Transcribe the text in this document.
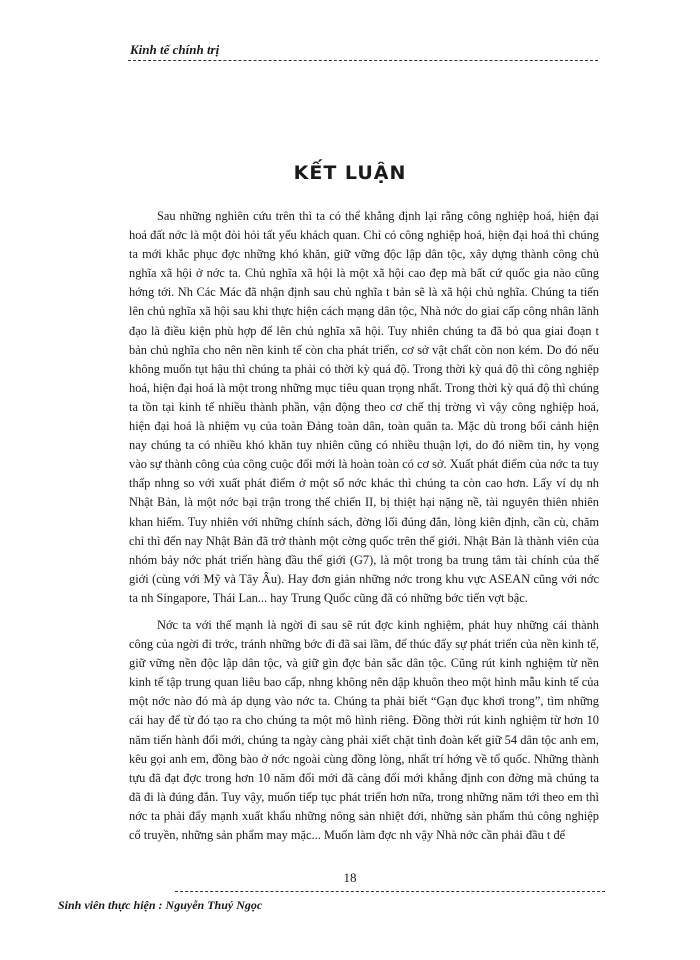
Kinh tế chính trị
KẾT LUẬN

Sau những nghiên cứu trên thì ta có thể khẳng định lại rằng công nghiệp hoá, hiện đại hoá đất nớc là một đòi hỏi tất yếu khách quan. Chỉ có công nghiệp hoá, hiện đại hoá thì chúng ta mới khắc phục đợc những khó khăn, giữ vững độc lập dân tộc, xây dựng thành công chủ nghĩa xã hội ở nớc ta. Chủ nghĩa xã hội là một xã hội cao đẹp mà bất cứ quốc gia nào cũng hớng tới. Nh Các Mác đã nhận định sau chủ nghĩa t bản sẽ là xã hội chủ nghĩa. Chúng ta tiến lên chủ nghĩa xã hội sau khi thực hiện cách mạng dân tộc, Nhà nớc do giai cấp công nhân lãnh đạo là điều kiện phù hợp để lên chủ nghĩa xã hội. Tuy nhiên chúng ta đã bỏ qua giai đoạn t bản chủ nghĩa cho nên nền kinh tế còn cha phát triển, cơ sở vật chất còn non kém. Do đó nếu không muốn tụt hậu thì chúng ta phải có thời kỳ quá độ. Trong thời kỳ quá độ thì công nghiệp hoá, hiện đại hoá là một trong những mục tiêu quan trọng nhất. Trong thời kỳ quá độ thì chúng ta tồn tại kinh tế nhiều thành phần, vận động theo cơ chế thị trờng vì vậy công nghiệp hoá, hiện đại hoá là nhiệm vụ của toàn Đảng toàn dân, toàn quân ta. Mặc dù trong bối cảnh hiện nay chúng ta có nhiều khó khăn tuy nhiên cũng có nhiều thuận lợi, do đó niềm tin, hy vọng vào sự thành công của công cuộc đổi mới là hoàn toàn có cơ sở. Xuất phát điểm của nớc ta tuy thấp nhng so với xuất phát điểm ở một số nớc khác thì chúng ta còn cao hơn. Lấy ví dụ nh Nhật Bản, là một nớc bại trận trong thế chiến II, bị thiệt hại nặng nề, tài nguyên thiên nhiên khan hiếm. Tuy nhiên với những chính sách, đờng lối đúng đắn, lòng kiên định, cần cù, chăm chỉ thì đến nay Nhật Bản đã trở thành một cờng quốc trên thế giới. Nhật Bản là thành viên của nhóm bảy nớc phát triển hàng đầu thế giới (G7), là một trong ba trung tâm tài chính của thế giới (cùng với Mỹ và Tây Âu). Hay đơn giản những nớc trong khu vực ASEAN cũng với nớc ta nh Singapore, Thái Lan... hay Trung Quốc cũng đã có những bớc tiến vợt bậc.

Nớc ta với thế mạnh là ngời đi sau sẽ rút đợc kinh nghiệm, phát huy những cái thành công của ngời đi trớc, tránh những bớc đi đã sai lầm, để thúc đẩy sự phát triển của nền kinh tế, giữ vững nền độc lập dân tộc, và giữ gìn đợc bản sắc dân tộc. Cũng rút kinh nghiệm từ nền kinh tế tập trung quan liêu bao cấp, nhng không nên dập khuôn theo một hình mẫu kinh tế của một nớc nào đó mà áp dụng vào nớc ta. Chúng ta phải biết “Gạn đục khơi trong”, tìm những cái hay để từ đó tạo ra cho chúng ta một mô hình riêng. Đồng thời rút kinh nghiệm từ hơn 10 năm tiến hành đổi mới, chúng ta ngày càng phải xiết chặt tình đoàn kết giữ 54 dân tộc anh em, kêu gọi anh em, đồng bào ở nớc ngoài cùng đồng lòng, nhất trí hớng về tổ quốc. Những thành tựu đã đạt đợc trong hơn 10 năm đổi mới đã càng đổi mới khẳng định con đờng mà chúng ta đã đi là đúng đắn. Tuy vậy, muốn tiếp tục phát triển hơn nữa, trong những năm tới theo em thì nớc ta phải đẩy mạnh xuất khẩu những nông sản nhiệt đới, những sản phẩm thủ công nghiệp cổ truyền, những sản phẩm may mặc... Muốn làm đợc nh vậy Nhà nớc cần phải đầu t để

18
Sinh viên thực hiện : Nguyễn Thuý Ngọc
